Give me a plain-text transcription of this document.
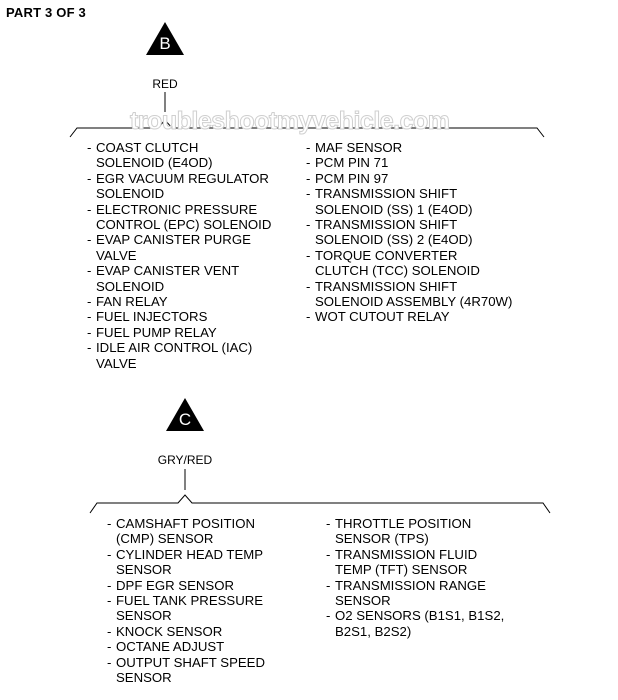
PART 3 OF 3
B
C
RED
GRY/RED
troubleshootmyvehicle.com
- COAST CLUTCH
SOLENOID (E4OD)
- EGR VACUUM REGULATOR
SOLENOID
- ELECTRONIC PRESSURE
CONTROL (EPC) SOLENOID
- EVAP CANISTER PURGE
VALVE
- EVAP CANISTER VENT
SOLENOID
- FAN RELAY
- FUEL INJECTORS
- FUEL PUMP RELAY
- IDLE AIR CONTROL (IAC)
VALVE
- MAF SENSOR
- PCM PIN 71
- PCM PIN 97
- TRANSMISSION SHIFT
SOLENOID (SS) 1 (E4OD)
- TRANSMISSION SHIFT
SOLENOID (SS) 2 (E4OD)
- TORQUE CONVERTER
CLUTCH (TCC) SOLENOID
- TRANSMISSION SHIFT
SOLENOID ASSEMBLY (4R70W)
- WOT CUTOUT RELAY
- CAMSHAFT POSITION
(CMP) SENSOR
- CYLINDER HEAD TEMP
SENSOR
- DPF EGR SENSOR
- FUEL TANK PRESSURE
SENSOR
- KNOCK SENSOR
- OCTANE ADJUST
- OUTPUT SHAFT SPEED
SENSOR
- THROTTLE POSITION
SENSOR (TPS)
- TRANSMISSION FLUID
TEMP (TFT) SENSOR
- TRANSMISSION RANGE
SENSOR
- O2 SENSORS (B1S1, B1S2,
B2S1, B2S2)
